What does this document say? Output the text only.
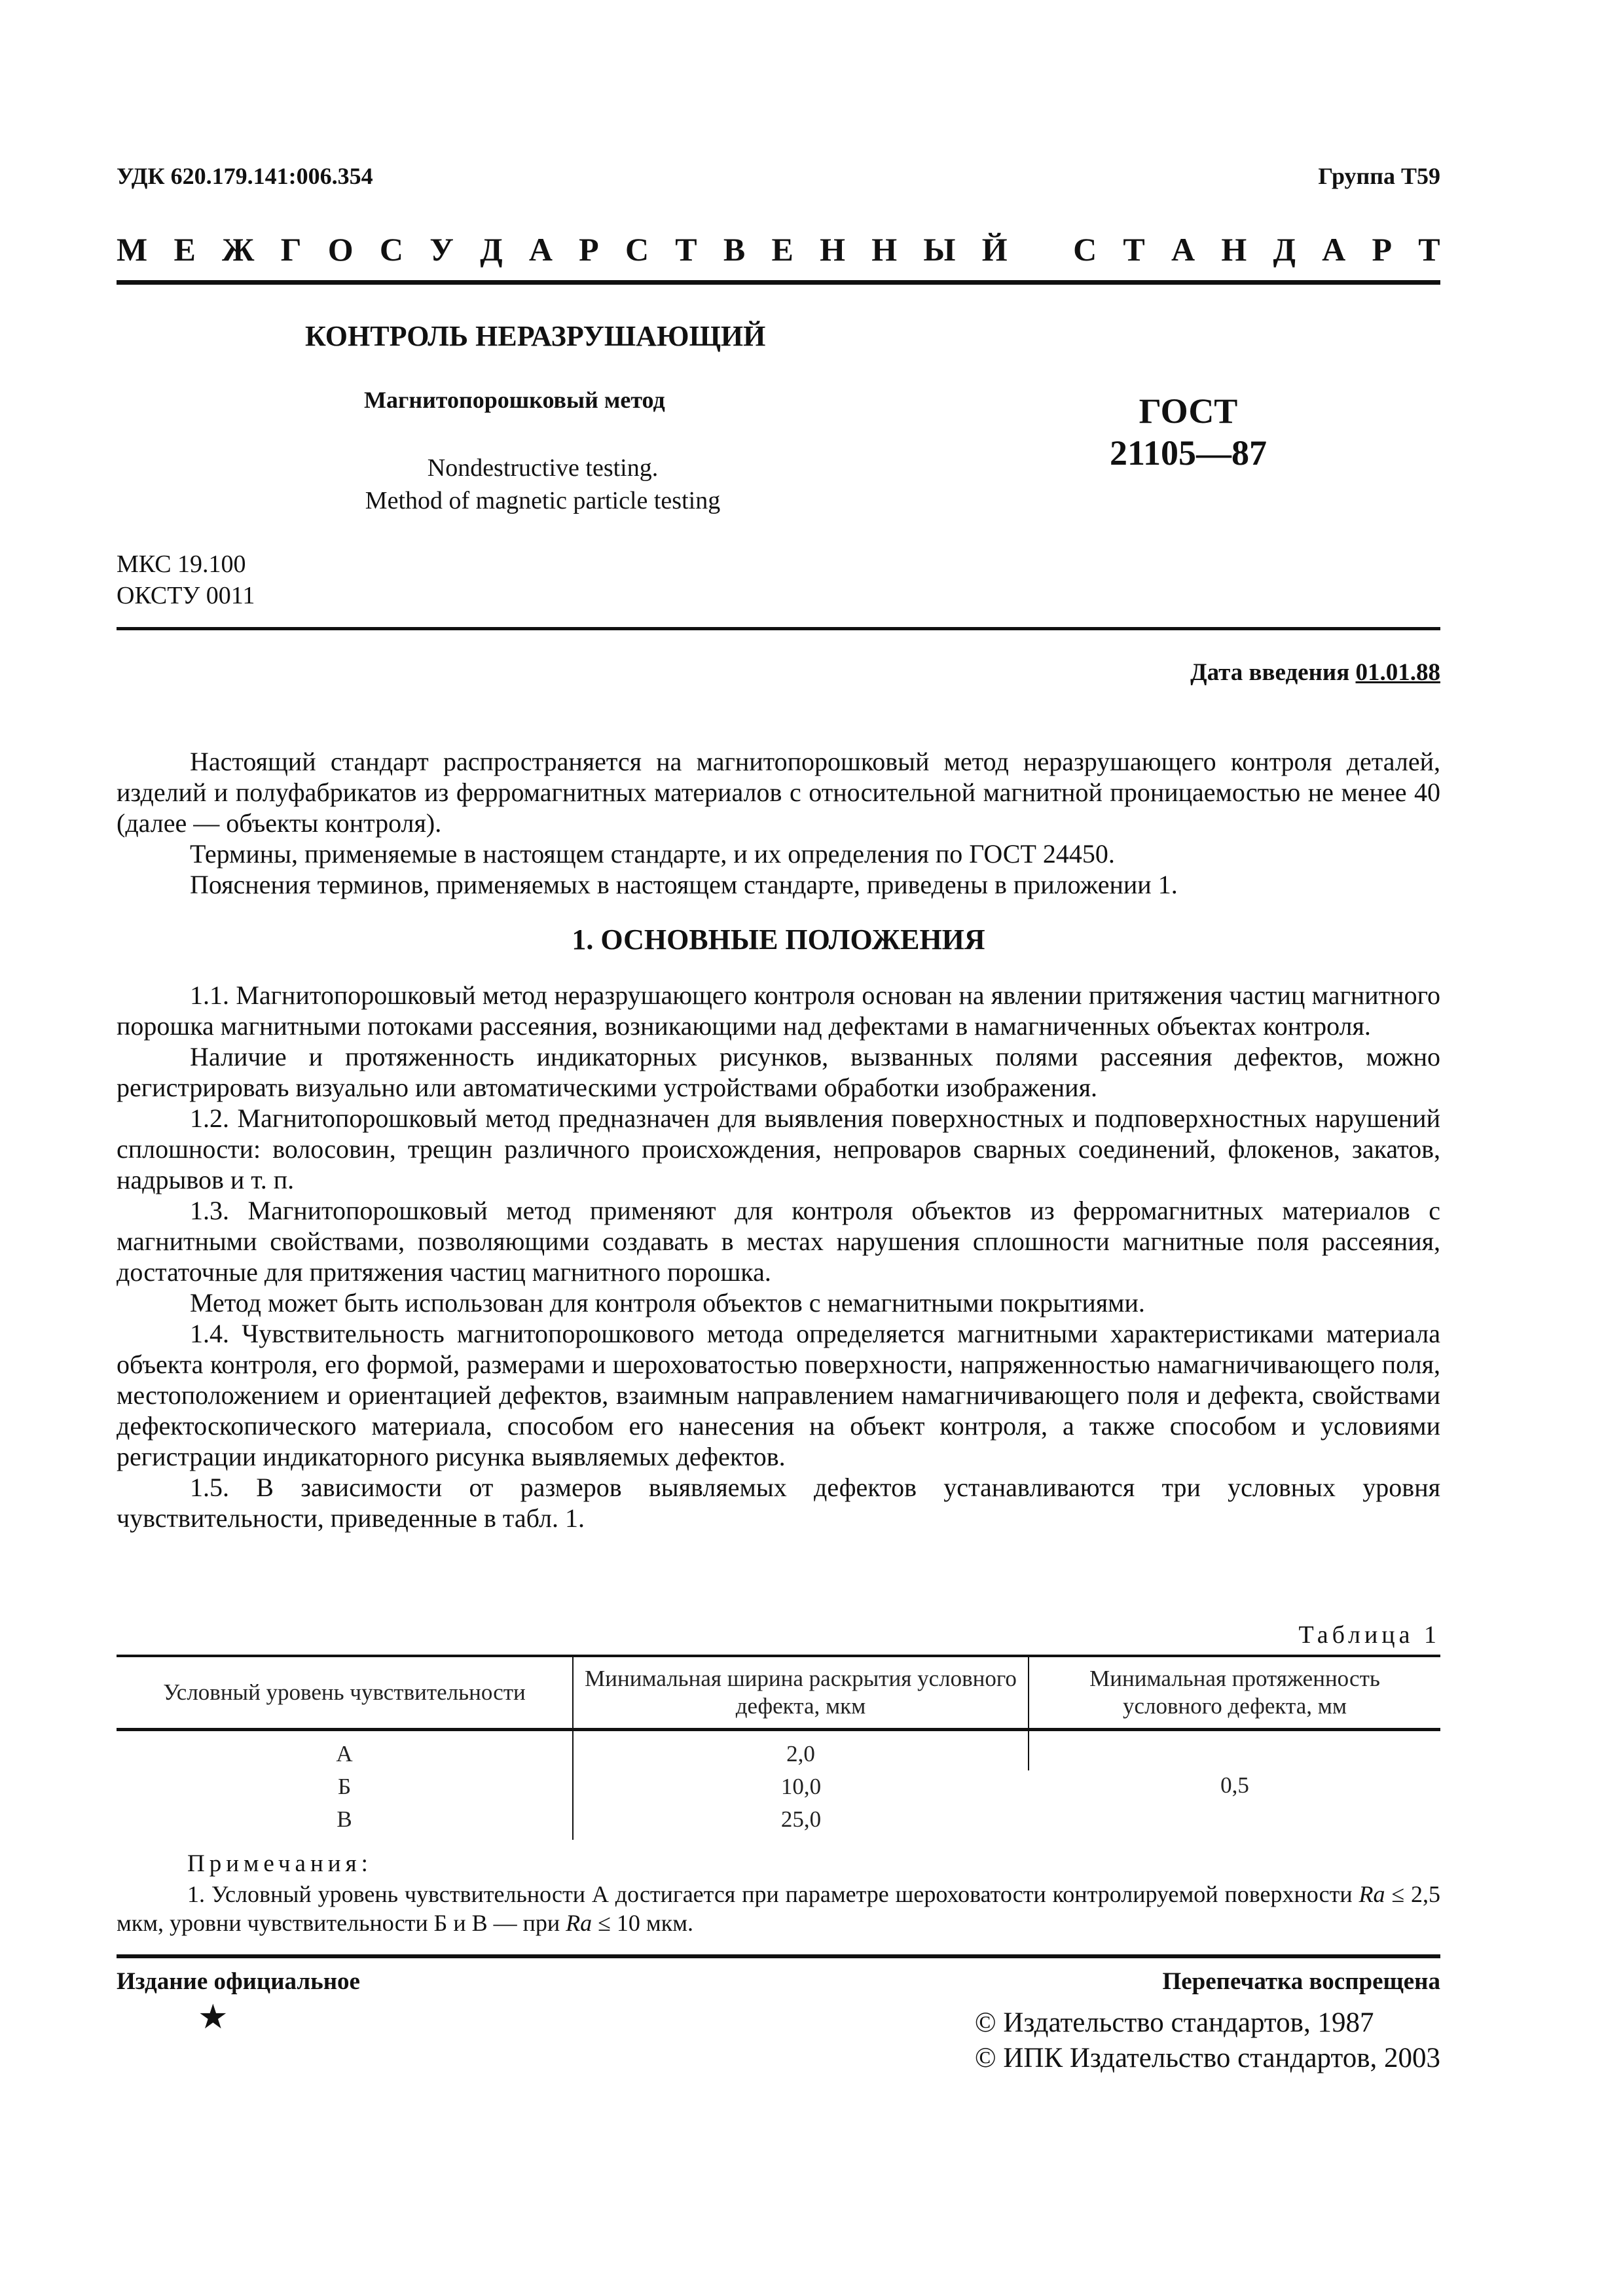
УДК 620.179.141:006.354	Группа Т59
М Е Ж Г О С У Д А Р С Т В Е Н Н Ы Й С Т А Н Д А Р Т
КОНТРОЛЬ НЕРАЗРУШАЮЩИЙ
Магнитопорошковый метод
Nondestructive testing.
Method of magnetic particle testing
ГОСТ
21105—87
МКС 19.100
ОКСТУ 0011
Дата введения 01.01.88

Настоящий стандарт распространяется на магнитопорошковый метод неразрушающего контроля деталей, изделий и полуфабрикатов из ферромагнитных материалов с относительной магнитной проницаемостью не менее 40 (далее — объекты контроля).

Термины, применяемые в настоящем стандарте, и их определения по ГОСТ 24450.

Пояснения терминов, применяемых в настоящем стандарте, приведены в приложении 1.

1. ОСНОВНЫЕ ПОЛОЖЕНИЯ

1.1. Магнитопорошковый метод неразрушающего контроля основан на явлении притяжения частиц магнитного порошка магнитными потоками рассеяния, возникающими над дефектами в намагниченных объектах контроля.

Наличие и протяженность индикаторных рисунков, вызванных полями рассеяния дефектов, можно регистрировать визуально или автоматическими устройствами обработки изображения.

1.2. Магнитопорошковый метод предназначен для выявления поверхностных и подповерхностных нарушений сплошности: волосовин, трещин различного происхождения, непроваров сварных соединений, флокенов, закатов, надрывов и т. п.

1.3. Магнитопорошковый метод применяют для контроля объектов из ферромагнитных материалов с магнитными свойствами, позволяющими создавать в местах нарушения сплошности магнитные поля рассеяния, достаточные для притяжения частиц магнитного порошка.

Метод может быть использован для контроля объектов с немагнитными покрытиями.

1.4. Чувствительность магнитопорошкового метода определяется магнитными характеристиками материала объекта контроля, его формой, размерами и шероховатостью поверхности, напряженностью намагничивающего поля, местоположением и ориентацией дефектов, взаимным направлением намагничивающего поля и дефекта, свойствами дефектоскопического материала, способом его нанесения на объект контроля, а также способом и условиями регистрации индикаторного рисунка выявляемых дефектов.

1.5. В зависимости от размеров выявляемых дефектов устанавливаются три условных уровня чувствительности, приведенные в табл. 1.

Таблица 1
Условный уровень чувствительности	Минимальная ширина раскрытия условного дефекта, мкм	Минимальная протяженность условного дефекта, мм
А	2,0	0,5
Б	10,0	
В	25,0	
Примечания:
1. Условный уровень чувствительности А достигается при параметре шероховатости контролируемой поверхности Ra ≤ 2,5 мкм, уровни чувствительности Б и В — при Ra ≤ 10 мкм.
Издание официальное	Перепечатка воспрещена
★	© Издательство стандартов, 1987
© ИПК Издательство стандартов, 2003
